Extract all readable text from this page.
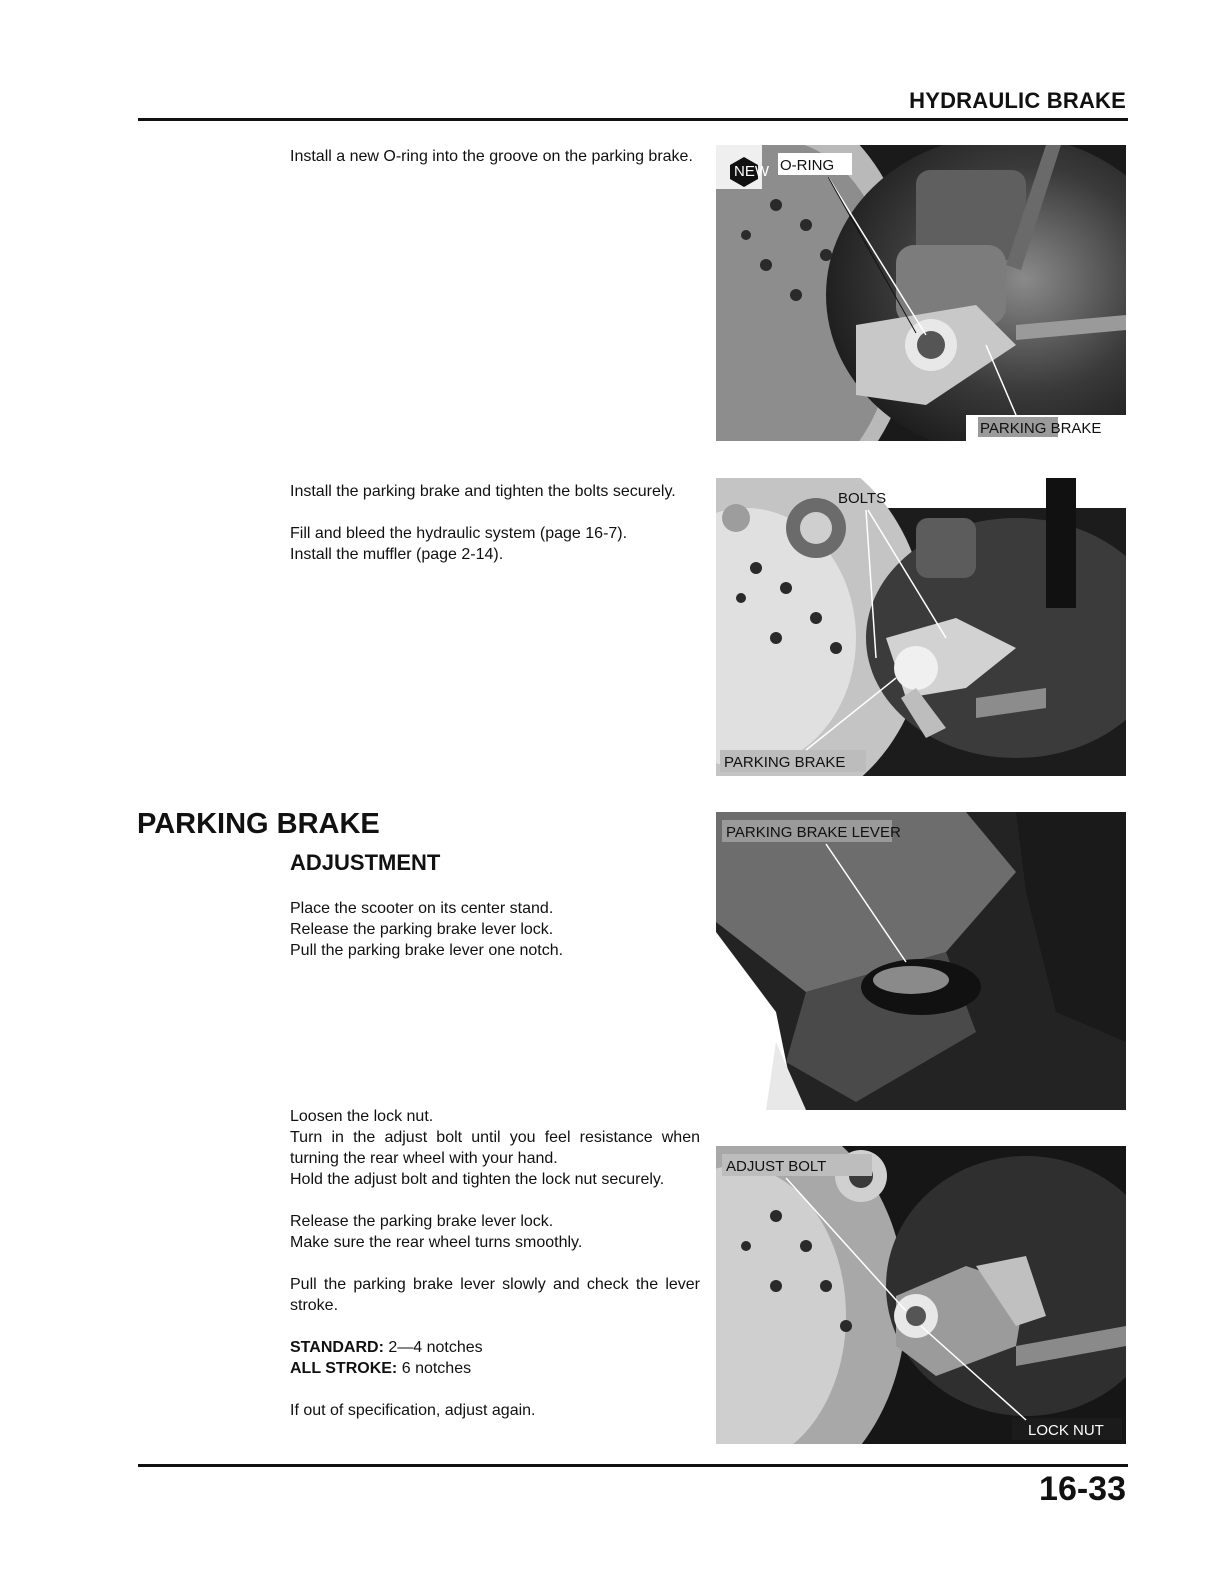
HYDRAULIC BRAKE

Install a new O-ring into the groove on the parking brake.

NEW O-RING
PARKING BRAKE

Install the parking brake and tighten the bolts securely.

Fill and bleed the hydraulic system (page 16-7).

Install the muffler (page 2-14).

BOLTS
PARKING BRAKE
PARKING BRAKE
ADJUSTMENT

Place the scooter on its center stand.

Release the parking brake lever lock.

Pull the parking brake lever one notch.

PARKING BRAKE LEVER

Loosen the lock nut.

Turn in the adjust bolt until you feel resistance when turning the rear wheel with your hand.

Hold the adjust bolt and tighten the lock nut securely.

Release the parking brake lever lock.

Make sure the rear wheel turns smoothly.

Pull the parking brake lever slowly and check the lever stroke.

STANDARD: 2—4 notches

ALL STROKE: 6 notches

If out of specification, adjust again.

ADJUST BOLT
LOCK NUT
16-33
